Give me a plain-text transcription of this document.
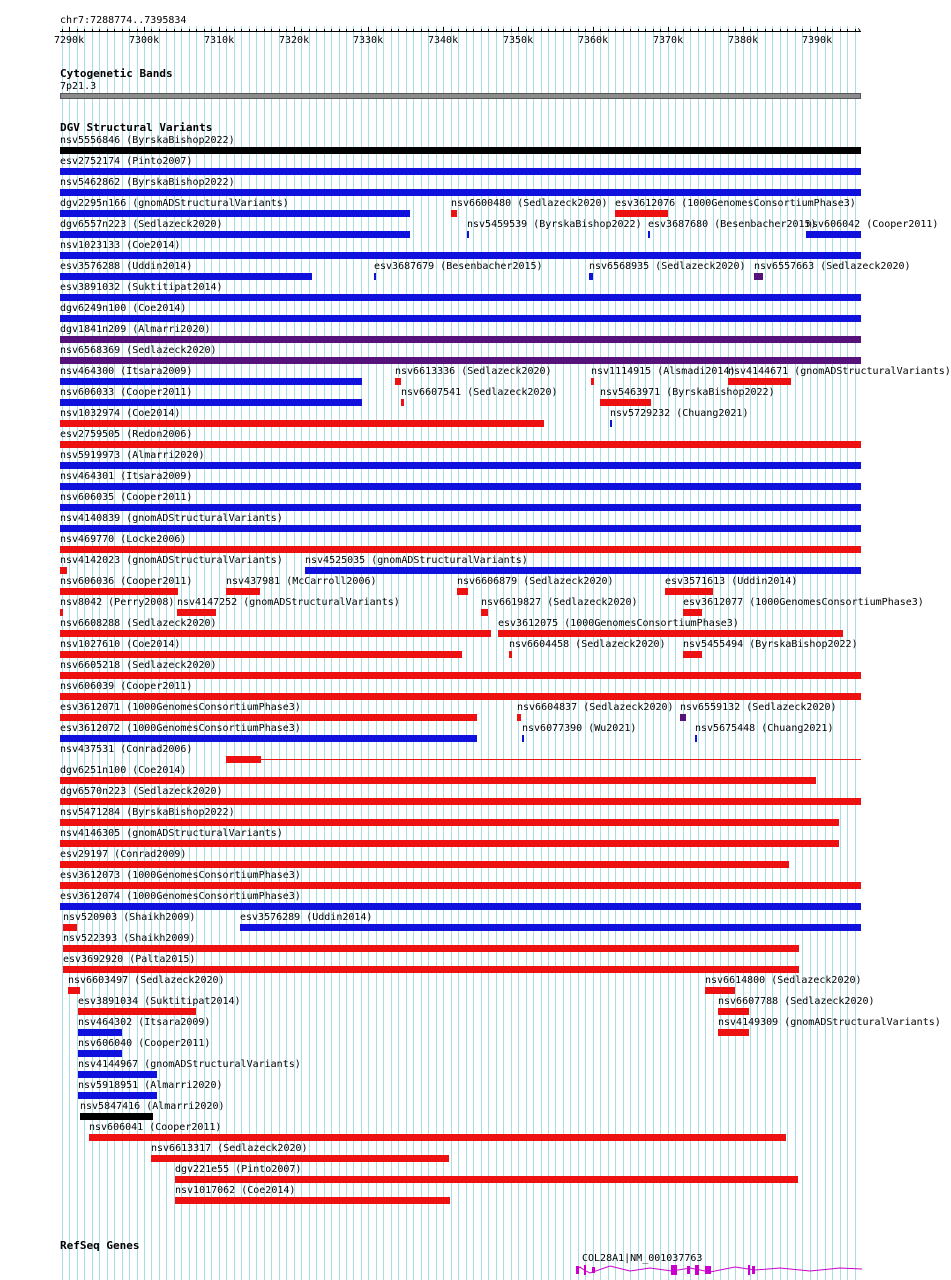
chr7:7288774..7395834
7290k	7300k	7310k	7320k	7330k	7340k	7350k	7360k	7370k	7380k	7390k
›
Cytogenetic Bands
7p21.3
DGV Structural Variants
nsv5556846 (ByrskaBishop2022)
esv2752174 (Pinto2007)
nsv5462862 (ByrskaBishop2022)
dgv2295n166 (gnomADStructuralVariants)	nsv6600480 (Sedlazeck2020) esv3612076 (1000GenomesConsortiumPhase3)
dgv6557n223 (Sedlazeck2020)	nsv5459539 (ByrskaBishop2022) esv3687680 (Besenbacher2015)
nsv606042 (Cooper2011)
nsv1023133 (Coe2014)
esv3576288 (Uddin2014)	esv3687679 (Besenbacher2015)	nsv6568935 (Sedlazeck2020) nsv6557663 (Sedlazeck2020)
esv3891032 (Suktitipat2014)
dgv6249n100 (Coe2014)
dgv1841n209 (Almarri2020)
nsv6568369 (Sedlazeck2020)
nsv464300 (Itsara2009)	nsv6613336 (Sedlazeck2020)	nsv1114915 (Alsmadi2014)
nsv4144671 (gnomADStructuralVariants)
nsv606033 (Cooper2011)	nsv6607541 (Sedlazeck2020)	nsv5463971 (ByrskaBishop2022)
nsv1032974 (Coe2014)	nsv5729232 (Chuang2021)
esv2759505 (Redon2006)
nsv5919973 (Almarri2020)
nsv464301 (Itsara2009)
nsv606035 (Cooper2011)
nsv4140839 (gnomADStructuralVariants)
nsv469770 (Locke2006)
nsv4142023 (gnomADStructuralVariants) nsv4525035 (gnomADStructuralVariants)
nsv606036 (Cooper2011)	nsv437981 (McCarroll2006)	nsv6606879 (Sedlazeck2020)	esv3571613 (Uddin2014)
nsv8042 (Perry2008) nsv4147252 (gnomADStructuralVariants)	nsv6619827 (Sedlazeck2020)	esv3612077 (1000GenomesConsortiumPhase3)
nsv6608288 (Sedlazeck2020)	esv3612075 (1000GenomesConsortiumPhase3)
nsv1027610 (Coe2014)	nsv6604458 (Sedlazeck2020) nsv5455494 (ByrskaBishop2022)
nsv6605218 (Sedlazeck2020)
nsv606039 (Cooper2011)
esv3612071 (1000GenomesConsortiumPhase3)	nsv6604837 (Sedlazeck2020) nsv6559132 (Sedlazeck2020)
esv3612072 (1000GenomesConsortiumPhase3)	nsv6077390 (Wu2021)	nsv5675448 (Chuang2021)
nsv437531 (Conrad2006)
dgv6251n100 (Coe2014)
dgv6570n223 (Sedlazeck2020)
nsv5471284 (ByrskaBishop2022)
nsv4146305 (gnomADStructuralVariants)
esv29197 (Conrad2009)
esv3612073 (1000GenomesConsortiumPhase3)
esv3612074 (1000GenomesConsortiumPhase3)
nsv520903 (Shaikh2009)	esv3576289 (Uddin2014)
nsv522393 (Shaikh2009)
esv3692920 (Palta2015)
nsv6603497 (Sedlazeck2020)	nsv6614800 (Sedlazeck2020)
esv3891034 (Suktitipat2014)	nsv6607788 (Sedlazeck2020)
nsv464302 (Itsara2009)	nsv4149309 (gnomADStructuralVariants)
nsv606040 (Cooper2011)
nsv4144967 (gnomADStructuralVariants)
nsv5918951 (Almarri2020)
nsv5847416 (Almarri2020)
nsv606041 (Cooper2011)
nsv6613317 (Sedlazeck2020)
dgv221e55 (Pinto2007)
nsv1017062 (Coe2014)
RefSeq Genes
COL28A1|NM_001037763
